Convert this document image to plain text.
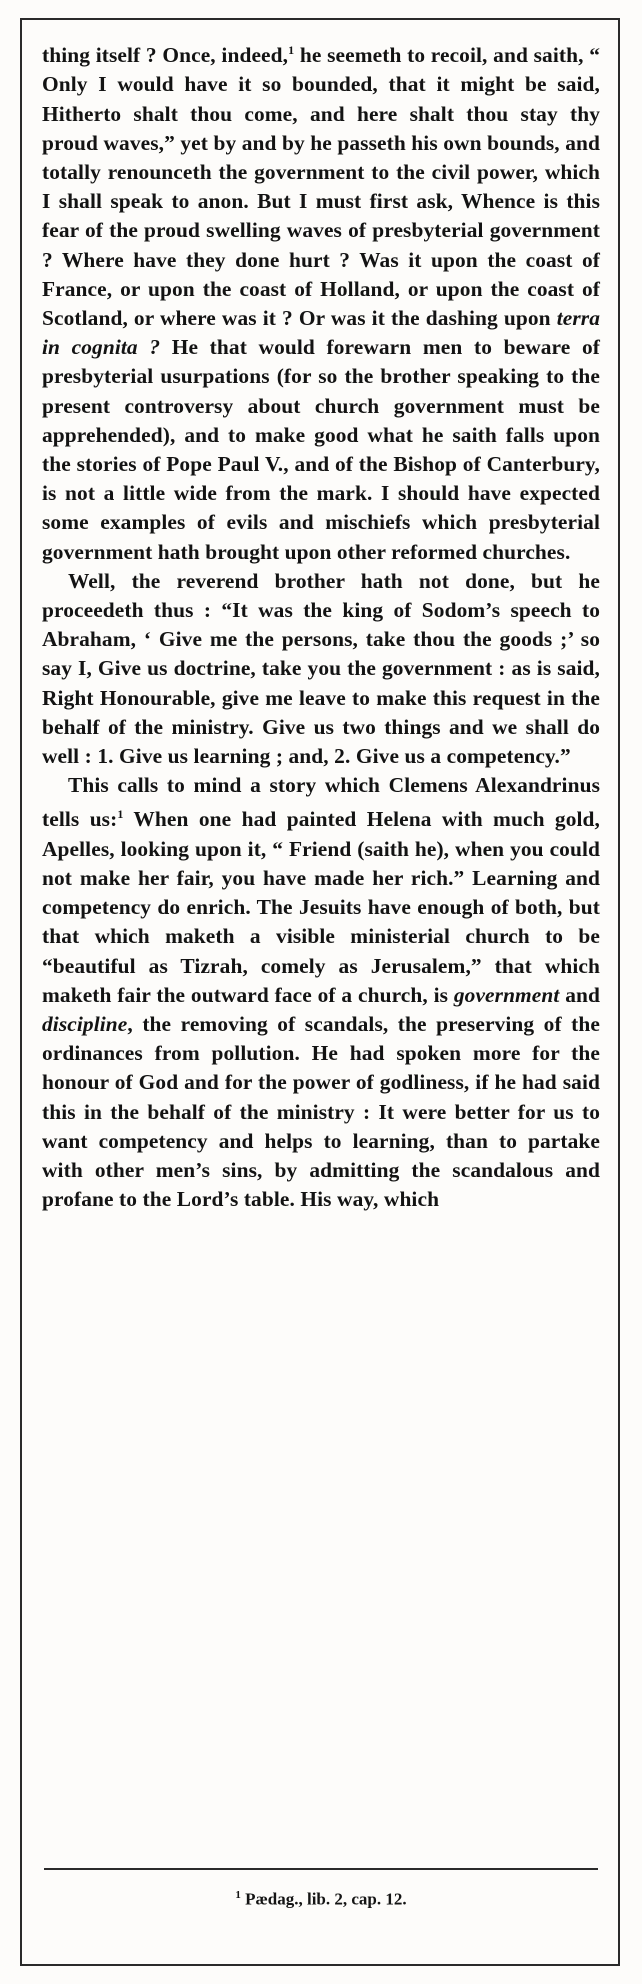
thing itself ? Once, indeed,$^1$ he seemeth to recoil, and saith, “ Only I would have it so bounded, that it might be said, Hitherto shalt thou come, and here shalt thou stay thy proud waves,” yet by and by he passeth his own bounds, and totally renounceth the government to the civil power, which I shall speak to anon. But I must first ask, Whence is this fear of the proud swelling waves of presbyterial government ? Where have they done hurt ? Was it upon the coast of France, or upon the coast of Holland, or upon the coast of Scotland, or where was it ? Or was it the dashing upon terra in cognita ? He that would forewarn men to beware of presbyterial usurpations (for so the brother speaking to the present controversy about church government must be apprehended), and to make good what he saith falls upon the stories of Pope Paul V., and of the Bishop of Canterbury, is not a little wide from the mark. I should have expected some examples of evils and mischiefs which presbyterial government hath brought upon other reformed churches.

Well, the reverend brother hath not done, but he proceedeth thus : “It was the king of Sodom’s speech to Abraham, ‘ Give me the persons, take thou the goods ;’ so say I, Give us doctrine, take you the government : as is said, Right Honourable, give me leave to make this request in the behalf of the ministry. Give us two things and we shall do well : 1. Give us learning ; and, 2. Give us a competency.”

This calls to mind a story which Clemens Alexandrinus tells us:$^1$ When one had painted Helena with much gold, Apelles, looking upon it, “ Friend (saith he), when you could not make her fair, you have made her rich.” Learning and competency do enrich. The Jesuits have enough of both, but that which maketh a visible ministerial church to be “beautiful as Tizrah, comely as Jerusalem,” that which maketh fair the outward face of a church, is government and discipline, the removing of scandals, the preserving of the ordinances from pollution. He had spoken more for the honour of God and for the power of godliness, if he had said this in the behalf of the ministry : It were better for us to want competency and helps to learning, than to partake with other men’s sins, by admitting the scandalous and profane to the Lord’s table. His way, which

$^1$ Pædag., lib. 2, cap. 12.
